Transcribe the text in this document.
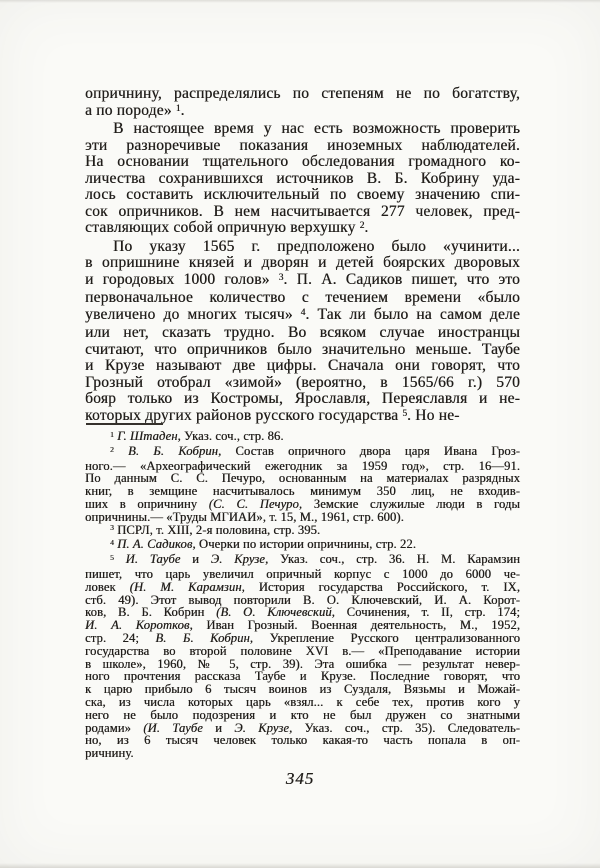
опричнину, распределялись по степеням не по богатству,
а по породе» $^1$.
В настоящее время у нас есть возможность проверить
эти разноречивые показания иноземных наблюдателей.
На основании тщательного обследования громадного ко-
личества сохранившихся источников В. Б. Кобрину уда-
лось составить исключительный по своему значению спи-
сок опричников. В нем насчитывается 277 человек, пред-
ставляющих собой опричную верхушку $^2$.
По указу 1565 г. предположено было «учинити...
в опришнине князей и дворян и детей боярских дворовых
и городовых 1000 голов» $^3$. П. А. Садиков пишет, что это
первоначальное количество с течением времени «было
увеличено до многих тысяч» $^4$. Так ли было на самом деле
или нет, сказать трудно. Во всяком случае иностранцы
считают, что опричников было значительно меньше. Таубе
и Крузе называют две цифры. Сначала они говорят, что
Грозный отобрал «зимой» (вероятно, в 1565/66 г.) 570
бояр только из Костромы, Ярославля, Переяславля и не-
которых других районов русского государства $^5$. Но не-
$^1$ Г. Штаден, Указ. соч., стр. 86.
$^2$ В. Б. Кобрин, Состав опричного двора царя Ивана Гроз-
ного.— «Археографический ежегодник за 1959 год», стр. 16—91.
По данным С. С. Печуро, основанным на материалах разрядных
книг, в земщине насчитывалось минимум 350 лиц, не входив-
ших в опричнину (С. С. Печуро, Земские служилые люди в годы
опричнины.— «Труды МГИАИ», т. 15, М., 1961, стр. 600).
$^3$ ПСРЛ, т. XIII, 2-я половина, стр. 395.
$^4$ П. А. Садиков, Очерки по истории опричнины, стр. 22.
$^5$ И. Таубе и Э. Крузе, Указ. соч., стр. 36. Н. М. Карамзин
пишет, что царь увеличил опричный корпус с 1000 до 6000 че-
ловек (Н. М. Карамзин, История государства Российского, т. IX,
стб. 49). Этот вывод повторили В. О. Ключевский, И. А. Корот-
ков, В. Б. Кобрин (В. О. Ключевский, Сочинения, т. II, стр. 174;
И. А. Коротков, Иван Грозный. Военная деятельность, М., 1952,
стр. 24; В. Б. Кобрин, Укрепление Русского централизованного
государства во второй половине XVI в.— «Преподавание истории
в школе», 1960, № 5, стр. 39). Эта ошибка — результат невер-
ного прочтения рассказа Таубе и Крузе. Последние говорят, что
к царю прибыло 6 тысяч воинов из Суздаля, Вязьмы и Можай-
ска, из числа которых царь «взял... к себе тех, против кого у
него не было подозрения и кто не был дружен со знатными
родами» (И. Таубе и Э. Крузе, Указ. соч., стр. 35). Следователь-
но, из 6 тысяч человек только какая-то часть попала в оп-
ричнину.
345
